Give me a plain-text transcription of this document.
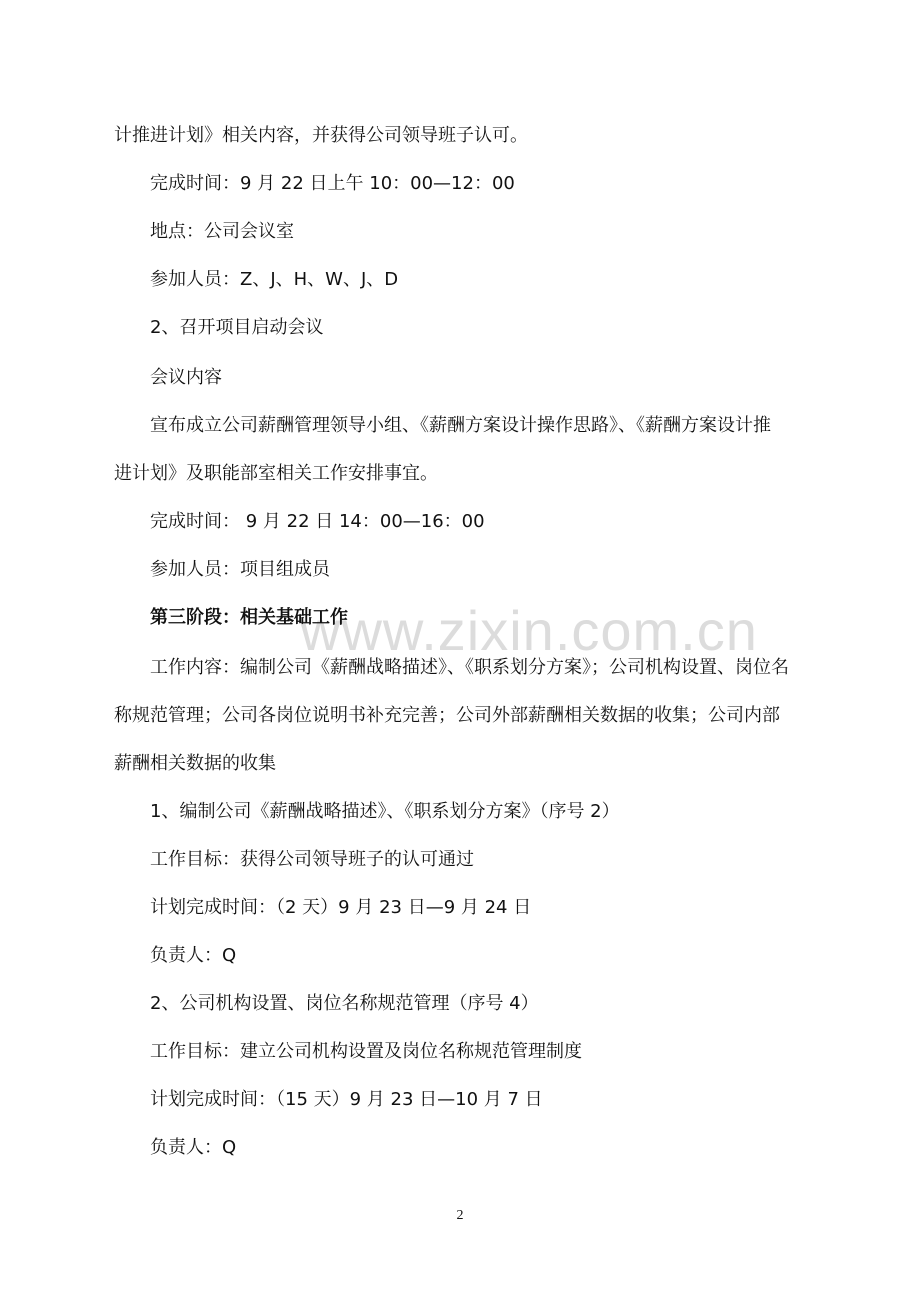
www.zixin.com.cn
计推进计划》相关内容，并获得公司领导班子认可。
完成时间：9 月 22 日上午 10：00—12：00
地点：公司会议室
参加人员：Z、J、H、W、J、D
2、召开项目启动会议
会议内容
宣布成立公司薪酬管理领导小组、《薪酬方案设计操作思路》、《薪酬方案设计推
进计划》及职能部室相关工作安排事宜。
完成时间： 9 月 22 日 14：00—16：00
参加人员：项目组成员
第三阶段：相关基础工作
工作内容：编制公司《薪酬战略描述》、《职系划分方案》；公司机构设置、岗位名
称规范管理；公司各岗位说明书补充完善；公司外部薪酬相关数据的收集；公司内部
薪酬相关数据的收集
1、编制公司《薪酬战略描述》、《职系划分方案》（序号 2）
工作目标：获得公司领导班子的认可通过
计划完成时间：（2 天）9 月 23 日—9 月 24 日
负责人：Q
2、公司机构设置、岗位名称规范管理（序号 4）
工作目标：建立公司机构设置及岗位名称规范管理制度
计划完成时间：（15 天）9 月 23 日—10 月 7 日
负责人：Q
2
